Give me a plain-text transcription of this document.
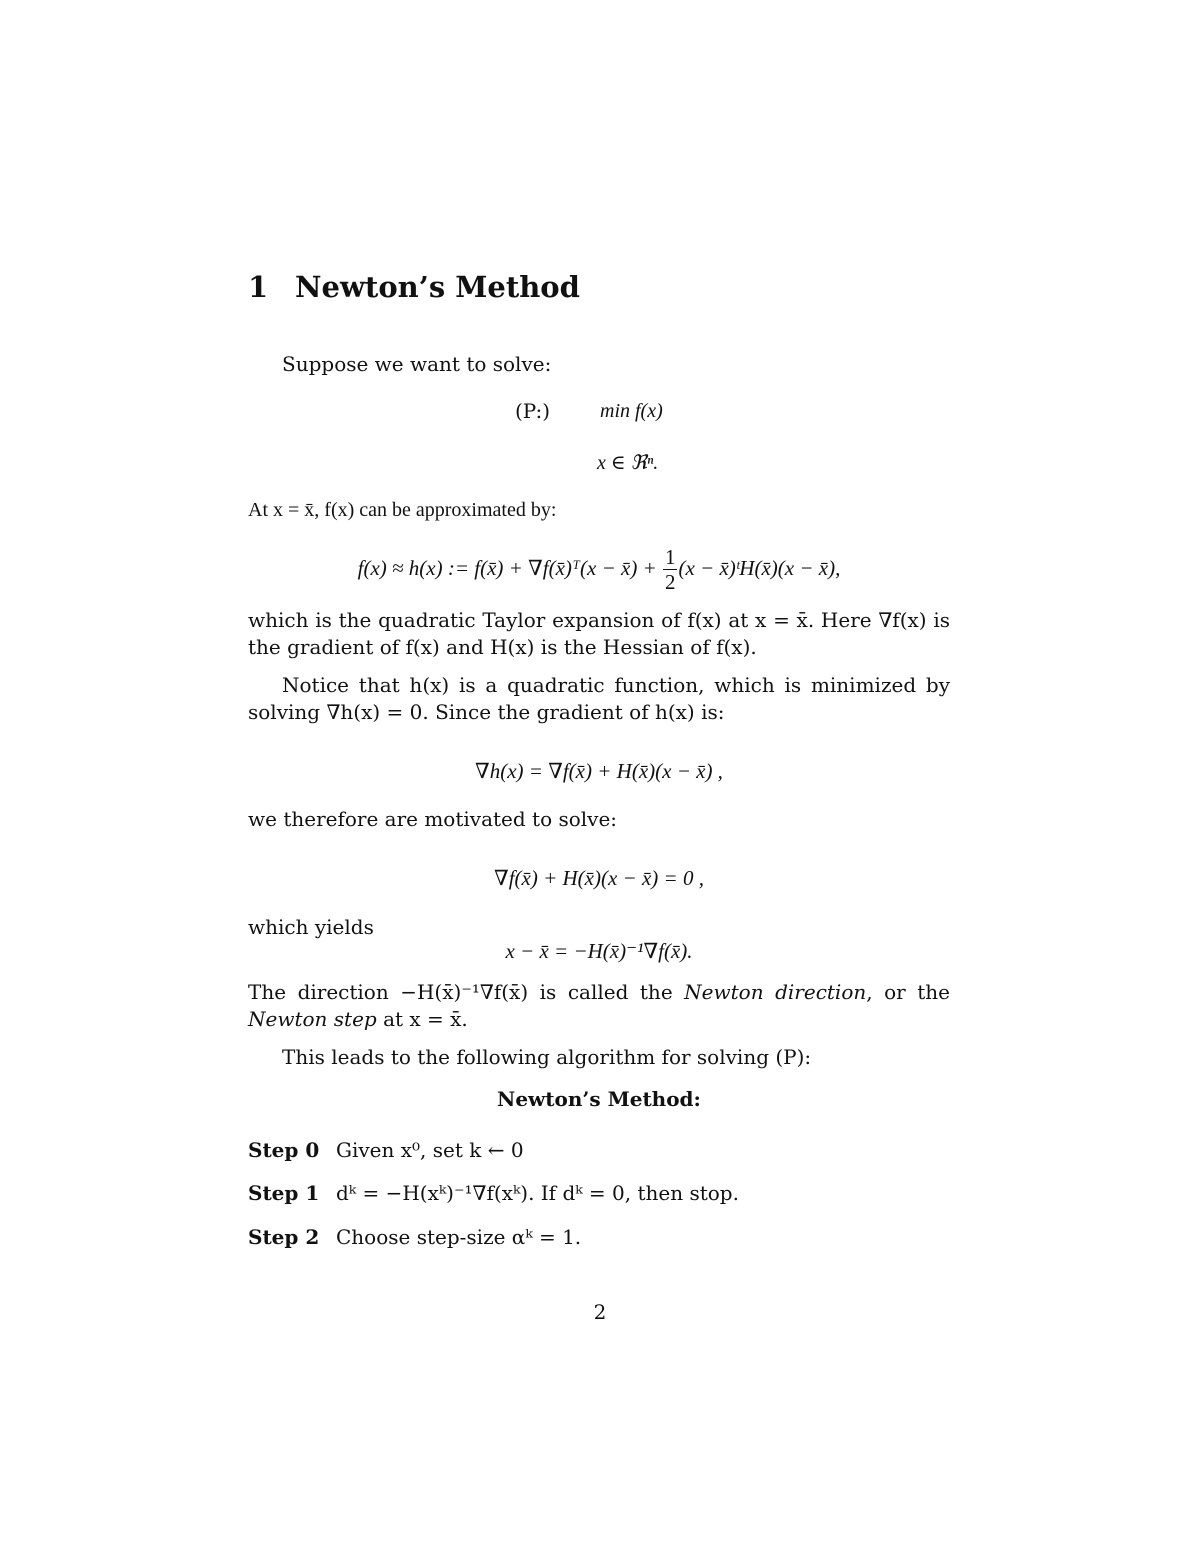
1 Newton’s Method
Suppose we want to solve:
(P:) min f(x)
x ∈ ℜⁿ.
At x = x̄, f(x) can be approximated by:
f(x) ≈ h(x) := f(x̄) + ∇f(x̄)ᵀ(x − x̄) + $\frac{1}{2} (x$ − x̄)ᵗH(x̄)(x − x̄),
which is the quadratic Taylor expansion of f(x) at x = x̄. Here ∇f(x) is the gradient of f(x) and H(x) is the Hessian of f(x).
Notice that h(x) is a quadratic function, which is minimized by solving ∇h(x) = 0. Since the gradient of h(x) is:
∇h(x) = ∇f(x̄) + H(x̄)(x − x̄) ,
we therefore are motivated to solve:
∇f(x̄) + H(x̄)(x − x̄) = 0 ,
which yields
x − x̄ = −H(x̄)⁻¹∇f(x̄).
The direction −H(x̄)⁻¹∇f(x̄) is called the Newton direction, or the Newton step at x = x̄.
This leads to the following algorithm for solving (P):
Newton’s Method:
Step 0 Given x⁰, set k ← 0
Step 1 dᵏ = −H(xᵏ)⁻¹∇f(xᵏ). If dᵏ = 0, then stop.
Step 2 Choose step-size αᵏ = 1.
2
